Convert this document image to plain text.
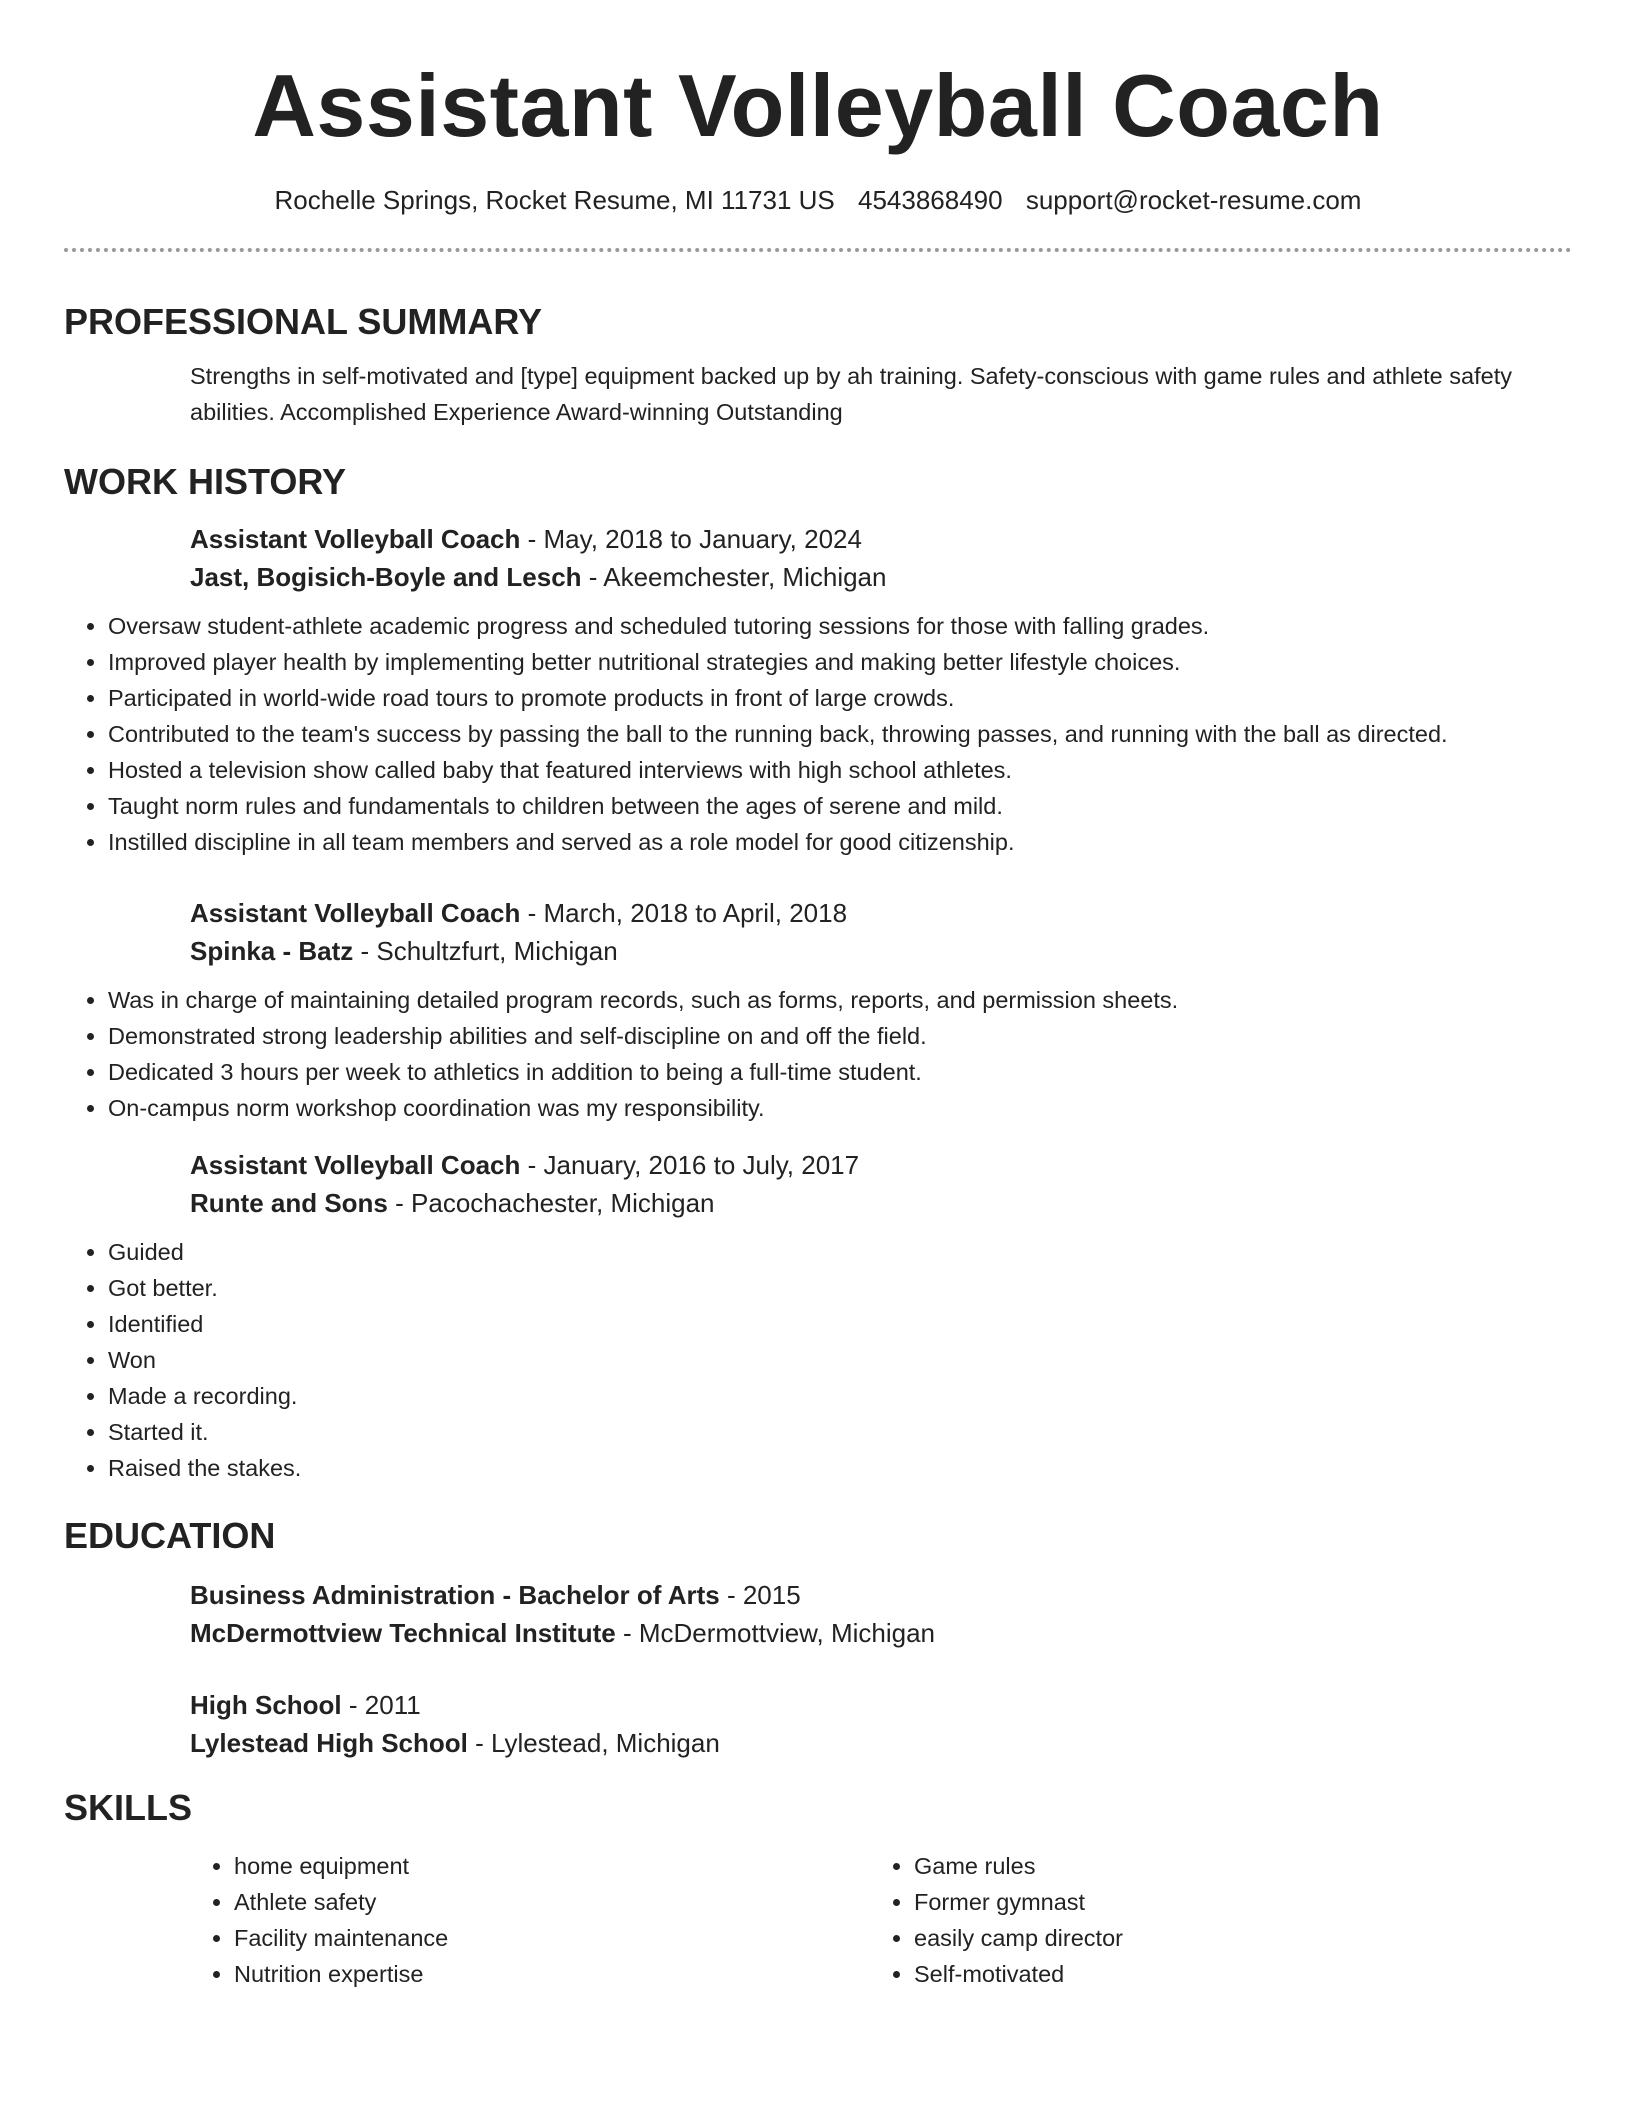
Assistant Volleyball Coach
Rochelle Springs, Rocket Resume, MI 11731 US 4543868490 support@rocket-resume.com
PROFESSIONAL SUMMARY
Strengths in self-motivated and [type] equipment backed up by ah training. Safety-conscious with game rules and athlete safety abilities. Accomplished Experience Award-winning Outstanding
WORK HISTORY
Assistant Volleyball Coach - May, 2018 to January, 2024
Jast, Bogisich-Boyle and Lesch - Akeemchester, Michigan
• Oversaw student-athlete academic progress and scheduled tutoring sessions for those with falling grades.
• Improved player health by implementing better nutritional strategies and making better lifestyle choices.
• Participated in world-wide road tours to promote products in front of large crowds.
• Contributed to the team's success by passing the ball to the running back, throwing passes, and running with the ball as directed.
• Hosted a television show called baby that featured interviews with high school athletes.
• Taught norm rules and fundamentals to children between the ages of serene and mild.
• Instilled discipline in all team members and served as a role model for good citizenship.
Assistant Volleyball Coach - March, 2018 to April, 2018
Spinka - Batz - Schultzfurt, Michigan
• Was in charge of maintaining detailed program records, such as forms, reports, and permission sheets.
• Demonstrated strong leadership abilities and self-discipline on and off the field.
• Dedicated 3 hours per week to athletics in addition to being a full-time student.
• On-campus norm workshop coordination was my responsibility.
Assistant Volleyball Coach - January, 2016 to July, 2017
Runte and Sons - Pacochachester, Michigan
• Guided
• Got better.
• Identified
• Won
• Made a recording.
• Started it.
• Raised the stakes.
EDUCATION
Business Administration - Bachelor of Arts - 2015
McDermottview Technical Institute - McDermottview, Michigan
High School - 2011
Lylestead High School - Lylestead, Michigan
SKILLS
• home equipment
• Athlete safety
• Facility maintenance
• Nutrition expertise
• Game rules
• Former gymnast
• easily camp director
• Self-motivated
